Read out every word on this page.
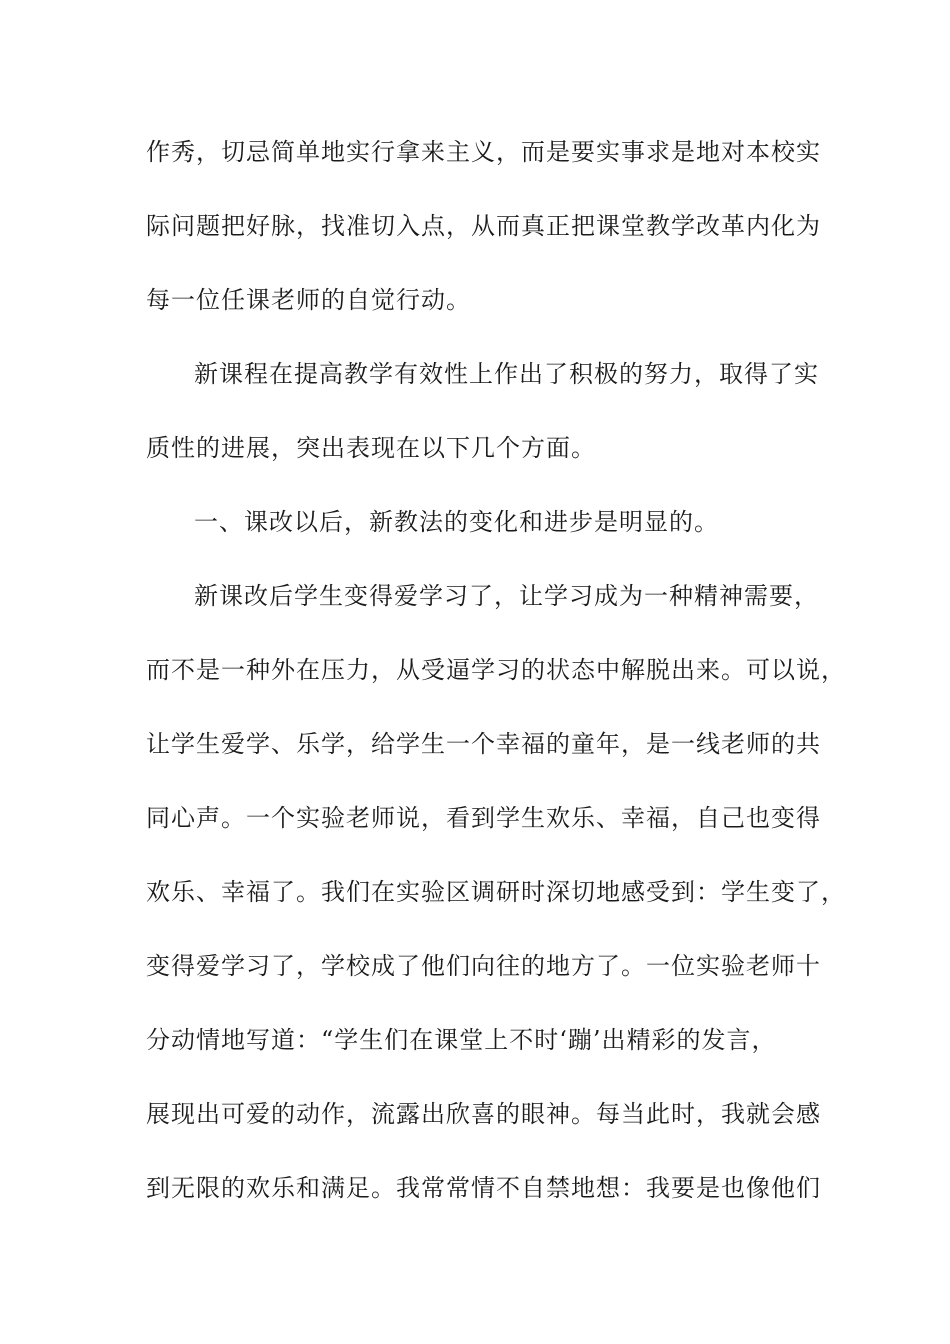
作秀，切忌简单地实行拿来主义，而是要实事求是地对本校实
际问题把好脉，找准切入点，从而真正把课堂教学改革内化为
每一位任课老师的自觉行动。
新课程在提高教学有效性上作出了积极的努力，取得了实
质性的进展，突出表现在以下几个方面。
一、课改以后，新教法的变化和进步是明显的。
新课改后学生变得爱学习了，让学习成为一种精神需要，
而不是一种外在压力，从受逼学习的状态中解脱出来。可以说，
让学生爱学、乐学，给学生一个幸福的童年，是一线老师的共
同心声。一个实验老师说，看到学生欢乐、幸福，自己也变得
欢乐、幸福了。我们在实验区调研时深切地感受到：学生变了，
变得爱学习了，学校成了他们向往的地方了。一位实验老师十
分动情地写道：“学生们在课堂上不时‘蹦’出精彩的发言，
展现出可爱的动作，流露出欣喜的眼神。每当此时，我就会感
到无限的欢乐和满足。我常常情不自禁地想：我要是也像他们
